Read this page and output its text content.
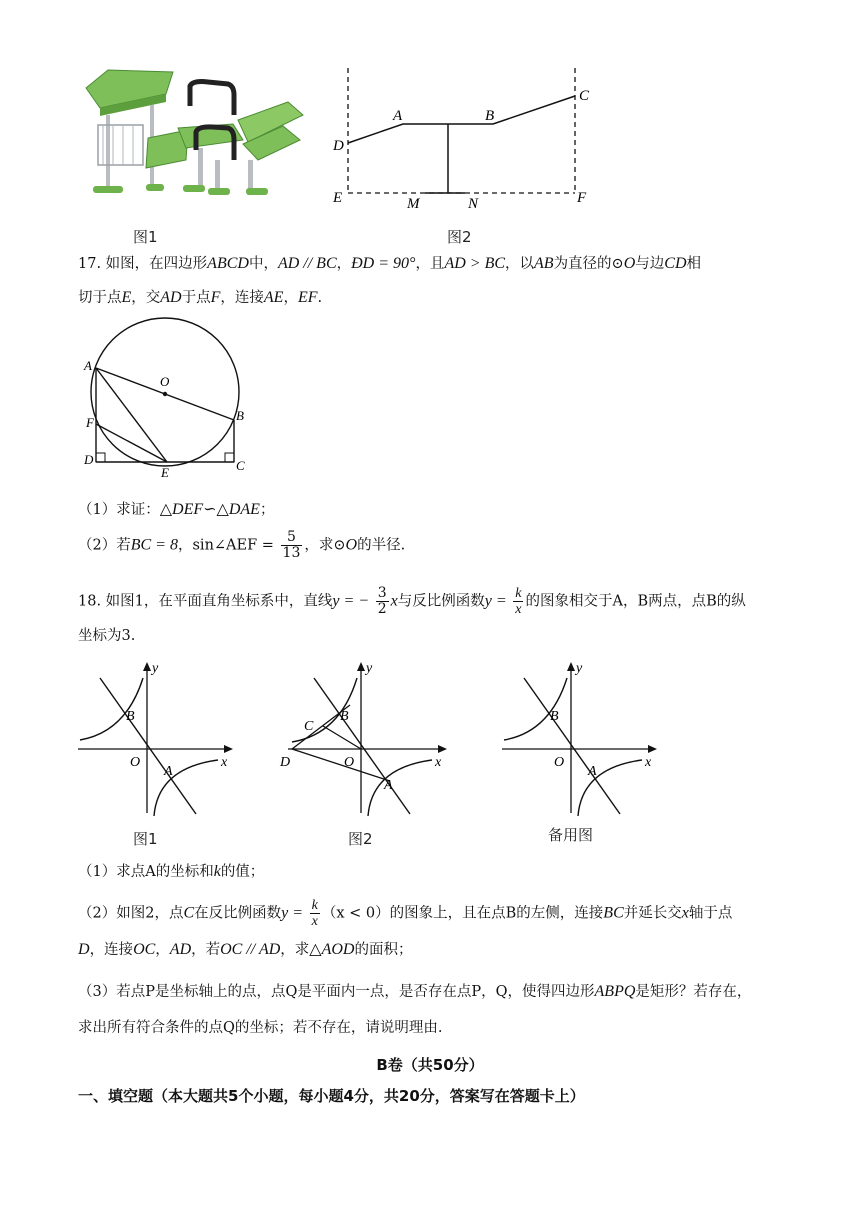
图1
D
A	B
C
E	M	N	F
图2
17. 如图，在四边形ABCD中，AD // BC，ÐD = 90°，且AD > BC，以AB为直径的⊙O与边CD相
切于点E，交AD于点F，连接AE，EF.
A
O
B
F
D
E	C
（1）求证：△DEF∽△DAE；
（2）若BC = 8，sin∠AEF = $\frac{5}{13}$ ，求⊙O的半径.
18. 如图1，在平面直角坐标系中，直线y = − $\frac{3}{2}$ x与反比例函数$y = \frac{k}{x}$ 的图象相交于A，B两点，点B的纵
坐标为3.
y
x
O
B
A
图1
y
x
O
B
C
D
A
图2
y
x
O
B
A
备用图
（1）求点A的坐标和k的值；
（2）如图2，点C在反比例函数$y = \frac{k}{x} (x < 0)$的图象上，且在点B的左侧，连接BC并延长交x轴于点
D，连接OC，AD，若OC // AD，求△AOD的面积；
（3）若点P是坐标轴上的点，点Q是平面内一点，是否存在点P，Q，使得四边形ABPQ是矩形？若存在，
求出所有符合条件的点Q的坐标；若不存在，请说明理由.
B卷（共50分）
一、填空题（本大题共5个小题，每小题4分，共20分，答案写在答题卡上）
